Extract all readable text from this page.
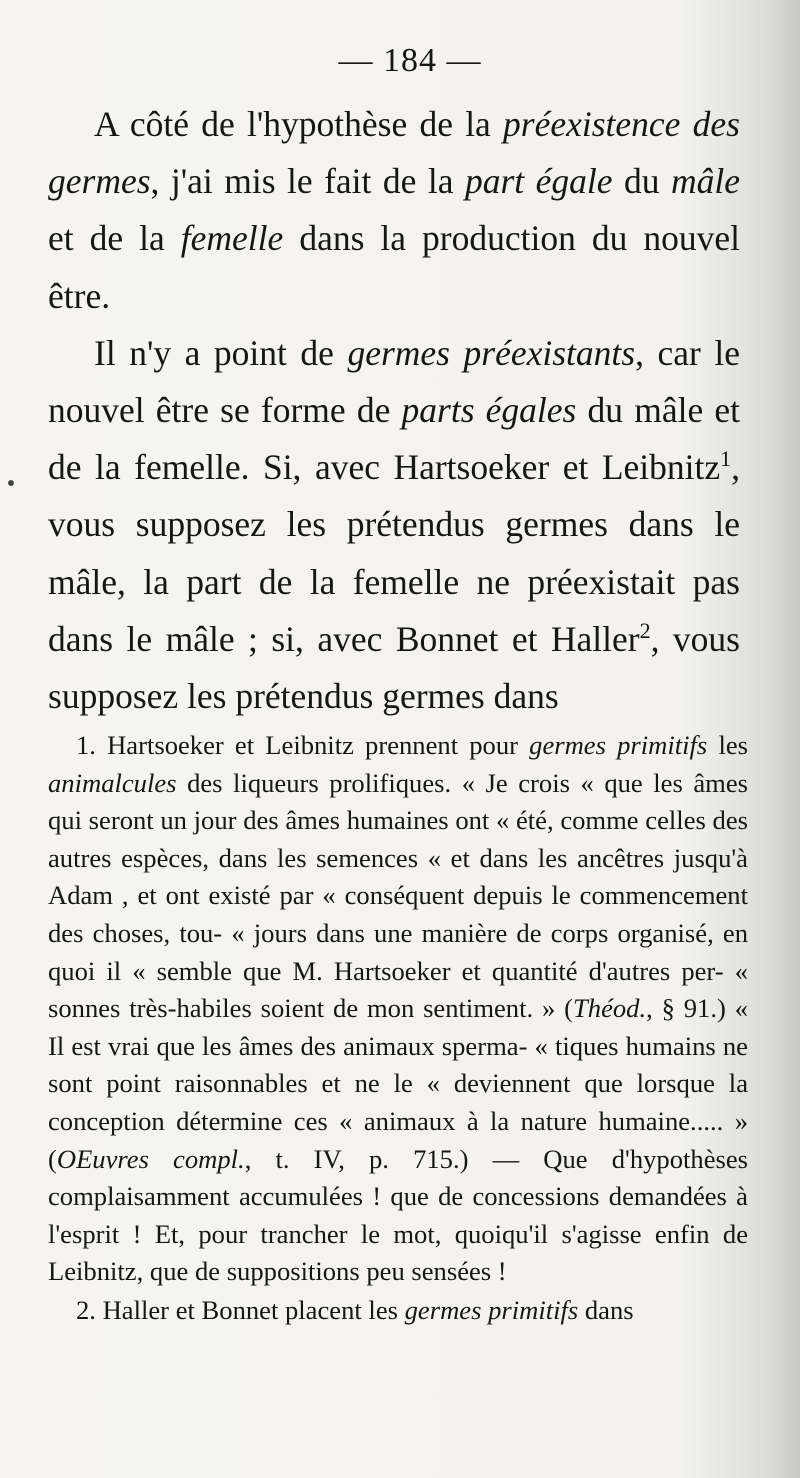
— 184 —

A côté de l'hypothèse de la préexistence des germes, j'ai mis le fait de la part égale du mâle et de la femelle dans la production du nouvel être.

Il n'y a point de germes préexistants, car le nouvel être se forme de parts égales du mâle et de la femelle. Si, avec Hartsoeker et Leibnitz$^1$, vous supposez les prétendus germes dans le mâle, la part de la femelle ne préexistait pas dans le mâle ; si, avec Bonnet et Haller$^2$, vous supposez les prétendus germes dans

1. Hartsoeker et Leibnitz prennent pour germes primitifs les animalcules des liqueurs prolifiques. « Je crois « que les âmes qui seront un jour des âmes humaines ont « été, comme celles des autres espèces, dans les semences « et dans les ancêtres jusqu'à Adam , et ont existé par « conséquent depuis le commencement des choses, tou- « jours dans une manière de corps organisé, en quoi il « semble que M. Hartsoeker et quantité d'autres per- « sonnes très-habiles soient de mon sentiment. » (Théod., § 91.) « Il est vrai que les âmes des animaux sperma- « tiques humains ne sont point raisonnables et ne le « deviennent que lorsque la conception détermine ces « animaux à la nature humaine..... » (OEuvres compl., t. IV, p. 715.) — Que d'hypothèses complaisamment accumulées ! que de concessions demandées à l'esprit ! Et, pour trancher le mot, quoiqu'il s'agisse enfin de Leibnitz, que de suppositions peu sensées !

2. Haller et Bonnet placent les germes primitifs dans
